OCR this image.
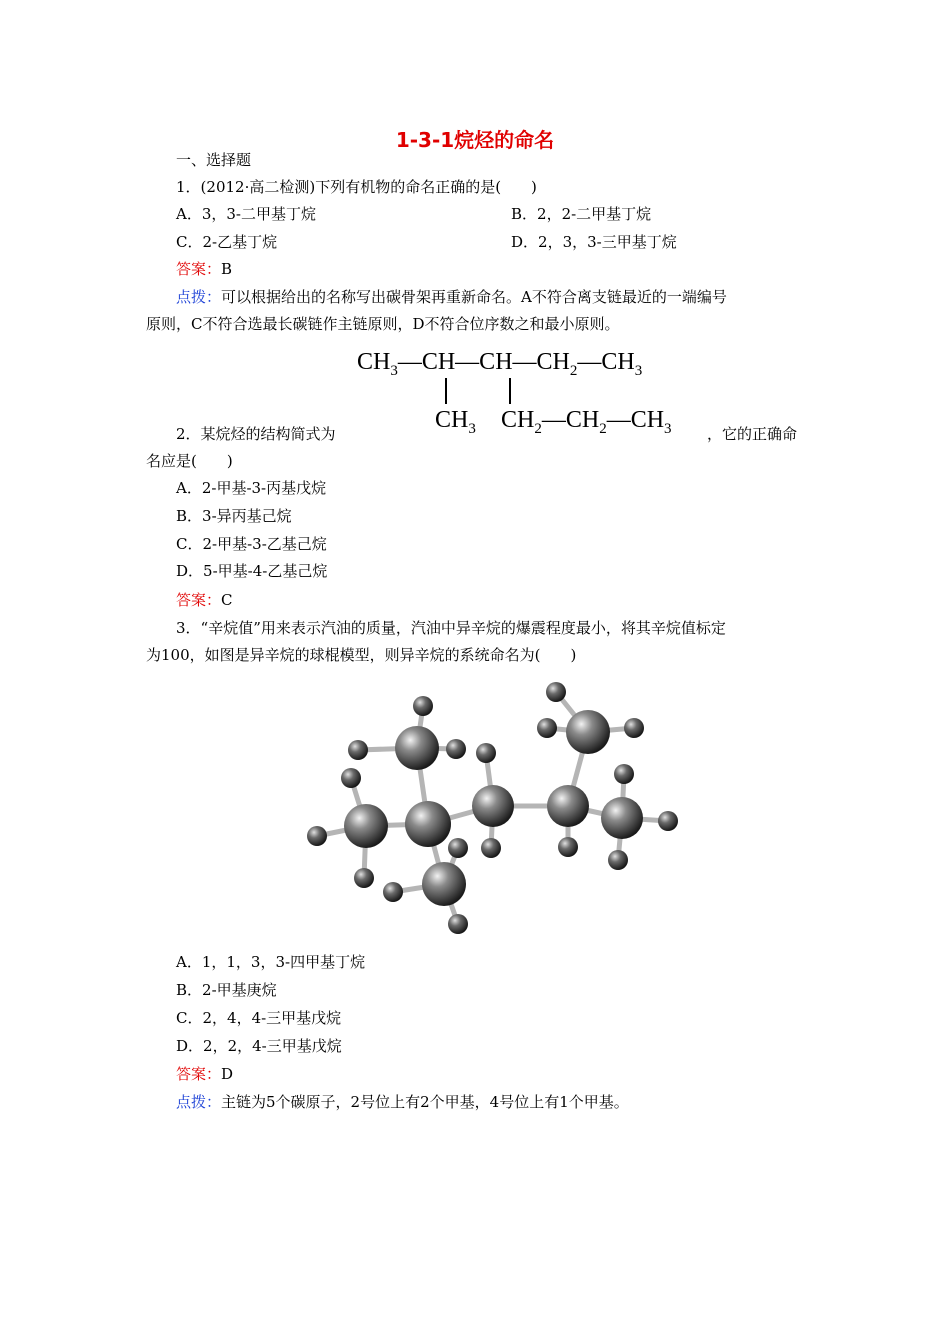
1-3-1烷烃的命名
一、选择题
1．(2012·高二检测)下列有机物的命名正确的是(　　)
A．3，3-二甲基丁烷	B．2，2-二甲基丁烷
C．2-乙基丁烷	D．2，3，3-三甲基丁烷
答案：B
点拨：可以根据给出的名称写出碳骨架再重新命名。A不符合离支链最近的一端编号
原则，C不符合选最长碳链作主链原则，D不符合位序数之和最小原则。
$CH_3—CH—CH—CH_2—CH_3$
$CH_3$ $CH_2—CH_2—CH_3$
2．某烷烃的结构简式为	，它的正确命
名应是(　　)
A．2-甲基-3-丙基戊烷
B．3-异丙基己烷
C．2-甲基-3-乙基己烷
D．5-甲基-4-乙基己烷
答案：C
3．“辛烷值”用来表示汽油的质量，汽油中异辛烷的爆震程度最小，将其辛烷值标定
为100，如图是异辛烷的球棍模型，则异辛烷的系统命名为(　　)
A．1，1，3，3-四甲基丁烷
B．2-甲基庚烷
C．2，4，4-三甲基戊烷
D．2，2，4-三甲基戊烷
答案：D
点拨：主链为5个碳原子，2号位上有2个甲基，4号位上有1个甲基。
